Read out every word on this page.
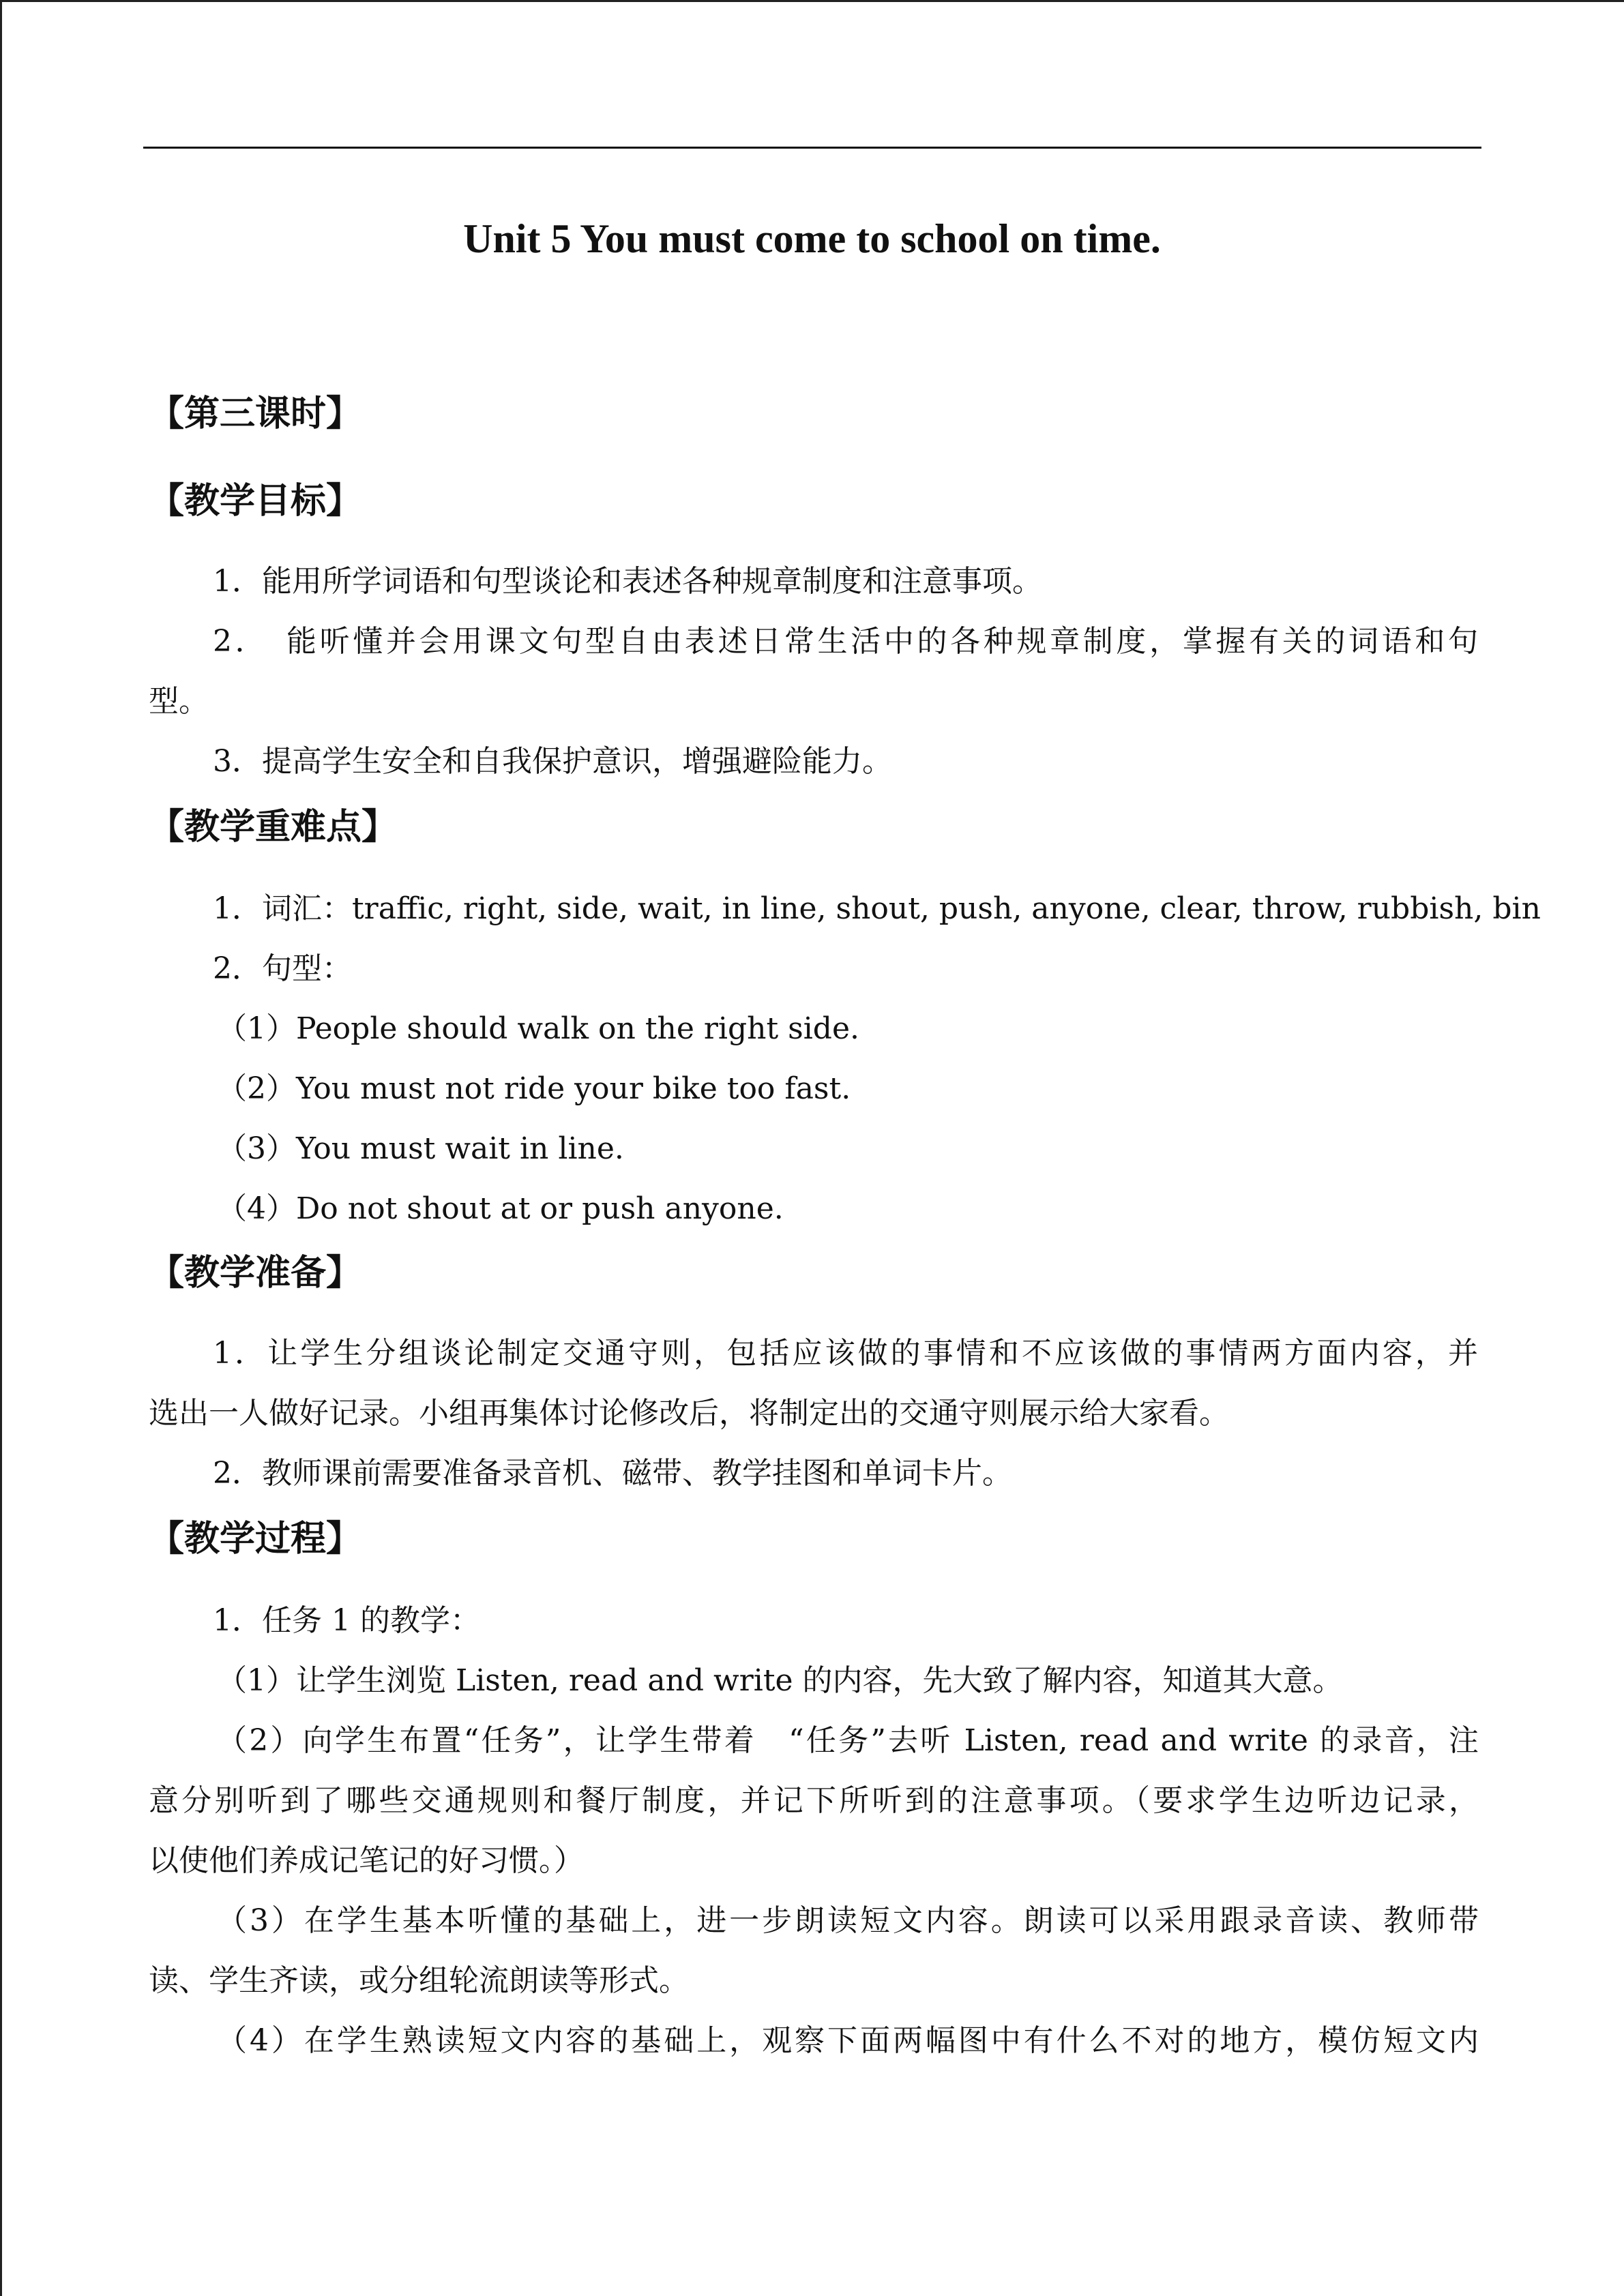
Unit 5 You must come to school on time.
【第三课时】
【教学目标】
1．能用所学词语和句型谈论和表述各种规章制度和注意事项。
2．　能听懂并会用课文句型自由表述日常生活中的各种规章制度，掌握有关的词语和句
型。
3．提高学生安全和自我保护意识，增强避险能力。
【教学重难点】
1．词汇：traffic, right, side, wait, in line, shout, push, anyone, clear, throw, rubbish, bin
2．句型：
（1）People should walk on the right side.
（2）You must not ride your bike too fast.
（3）You must wait in line.
（4）Do not shout at or push anyone.
【教学准备】
1．让学生分组谈论制定交通守则，包括应该做的事情和不应该做的事情两方面内容，并
选出一人做好记录。小组再集体讨论修改后，将制定出的交通守则展示给大家看。
2．教师课前需要准备录音机、磁带、教学挂图和单词卡片。
【教学过程】
1．任务 1 的教学：
（1）让学生浏览 Listen, read and write 的内容，先大致了解内容，知道其大意。
（2）向学生布置“任务”，让学生带着　“任务”去听 Listen, read and write 的录音，注
意分别听到了哪些交通规则和餐厅制度，并记下所听到的注意事项。（要求学生边听边记录，
以使他们养成记笔记的好习惯。）
（3）在学生基本听懂的基础上，进一步朗读短文内容。朗读可以采用跟录音读、教师带
读、学生齐读，或分组轮流朗读等形式。
（4）在学生熟读短文内容的基础上，观察下面两幅图中有什么不对的地方，模仿短文内
